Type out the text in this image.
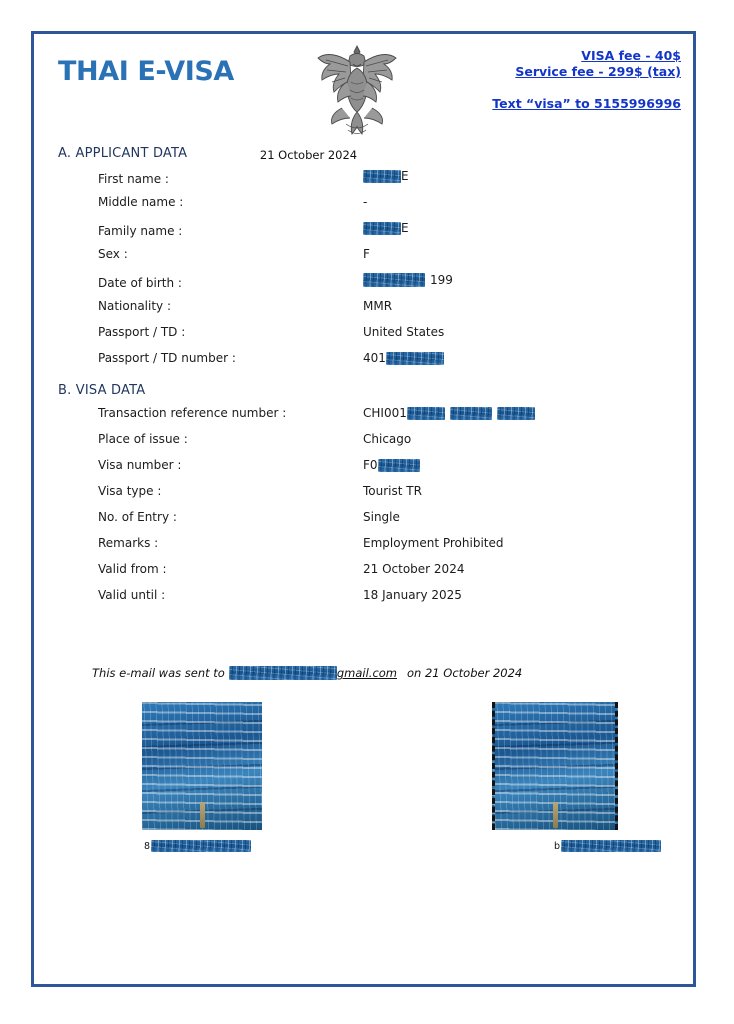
THAI E-VISA
VISA fee - 40$
Service fee - 299$ (tax)
Text “visa” to 5155996996
21 October 2024
A. APPLICANT DATA
First name :	E
Middle name :	-
Family name :	E
Sex :	F
Date of birth :	199
Nationality :	MMR
Passport / TD :	United States
Passport / TD number :	401
B. VISA DATA
Transaction reference number :	CHI001
Place of issue :	Chicago
Visa number :	F0
Visa type :	Tourist TR
No. of Entry :	Single
Remarks :	Employment Prohibited
Valid from :	21 October 2024
Valid until :	18 January 2025
This e-mail was sent to	gmail.com on 21 October 2024
8	b
